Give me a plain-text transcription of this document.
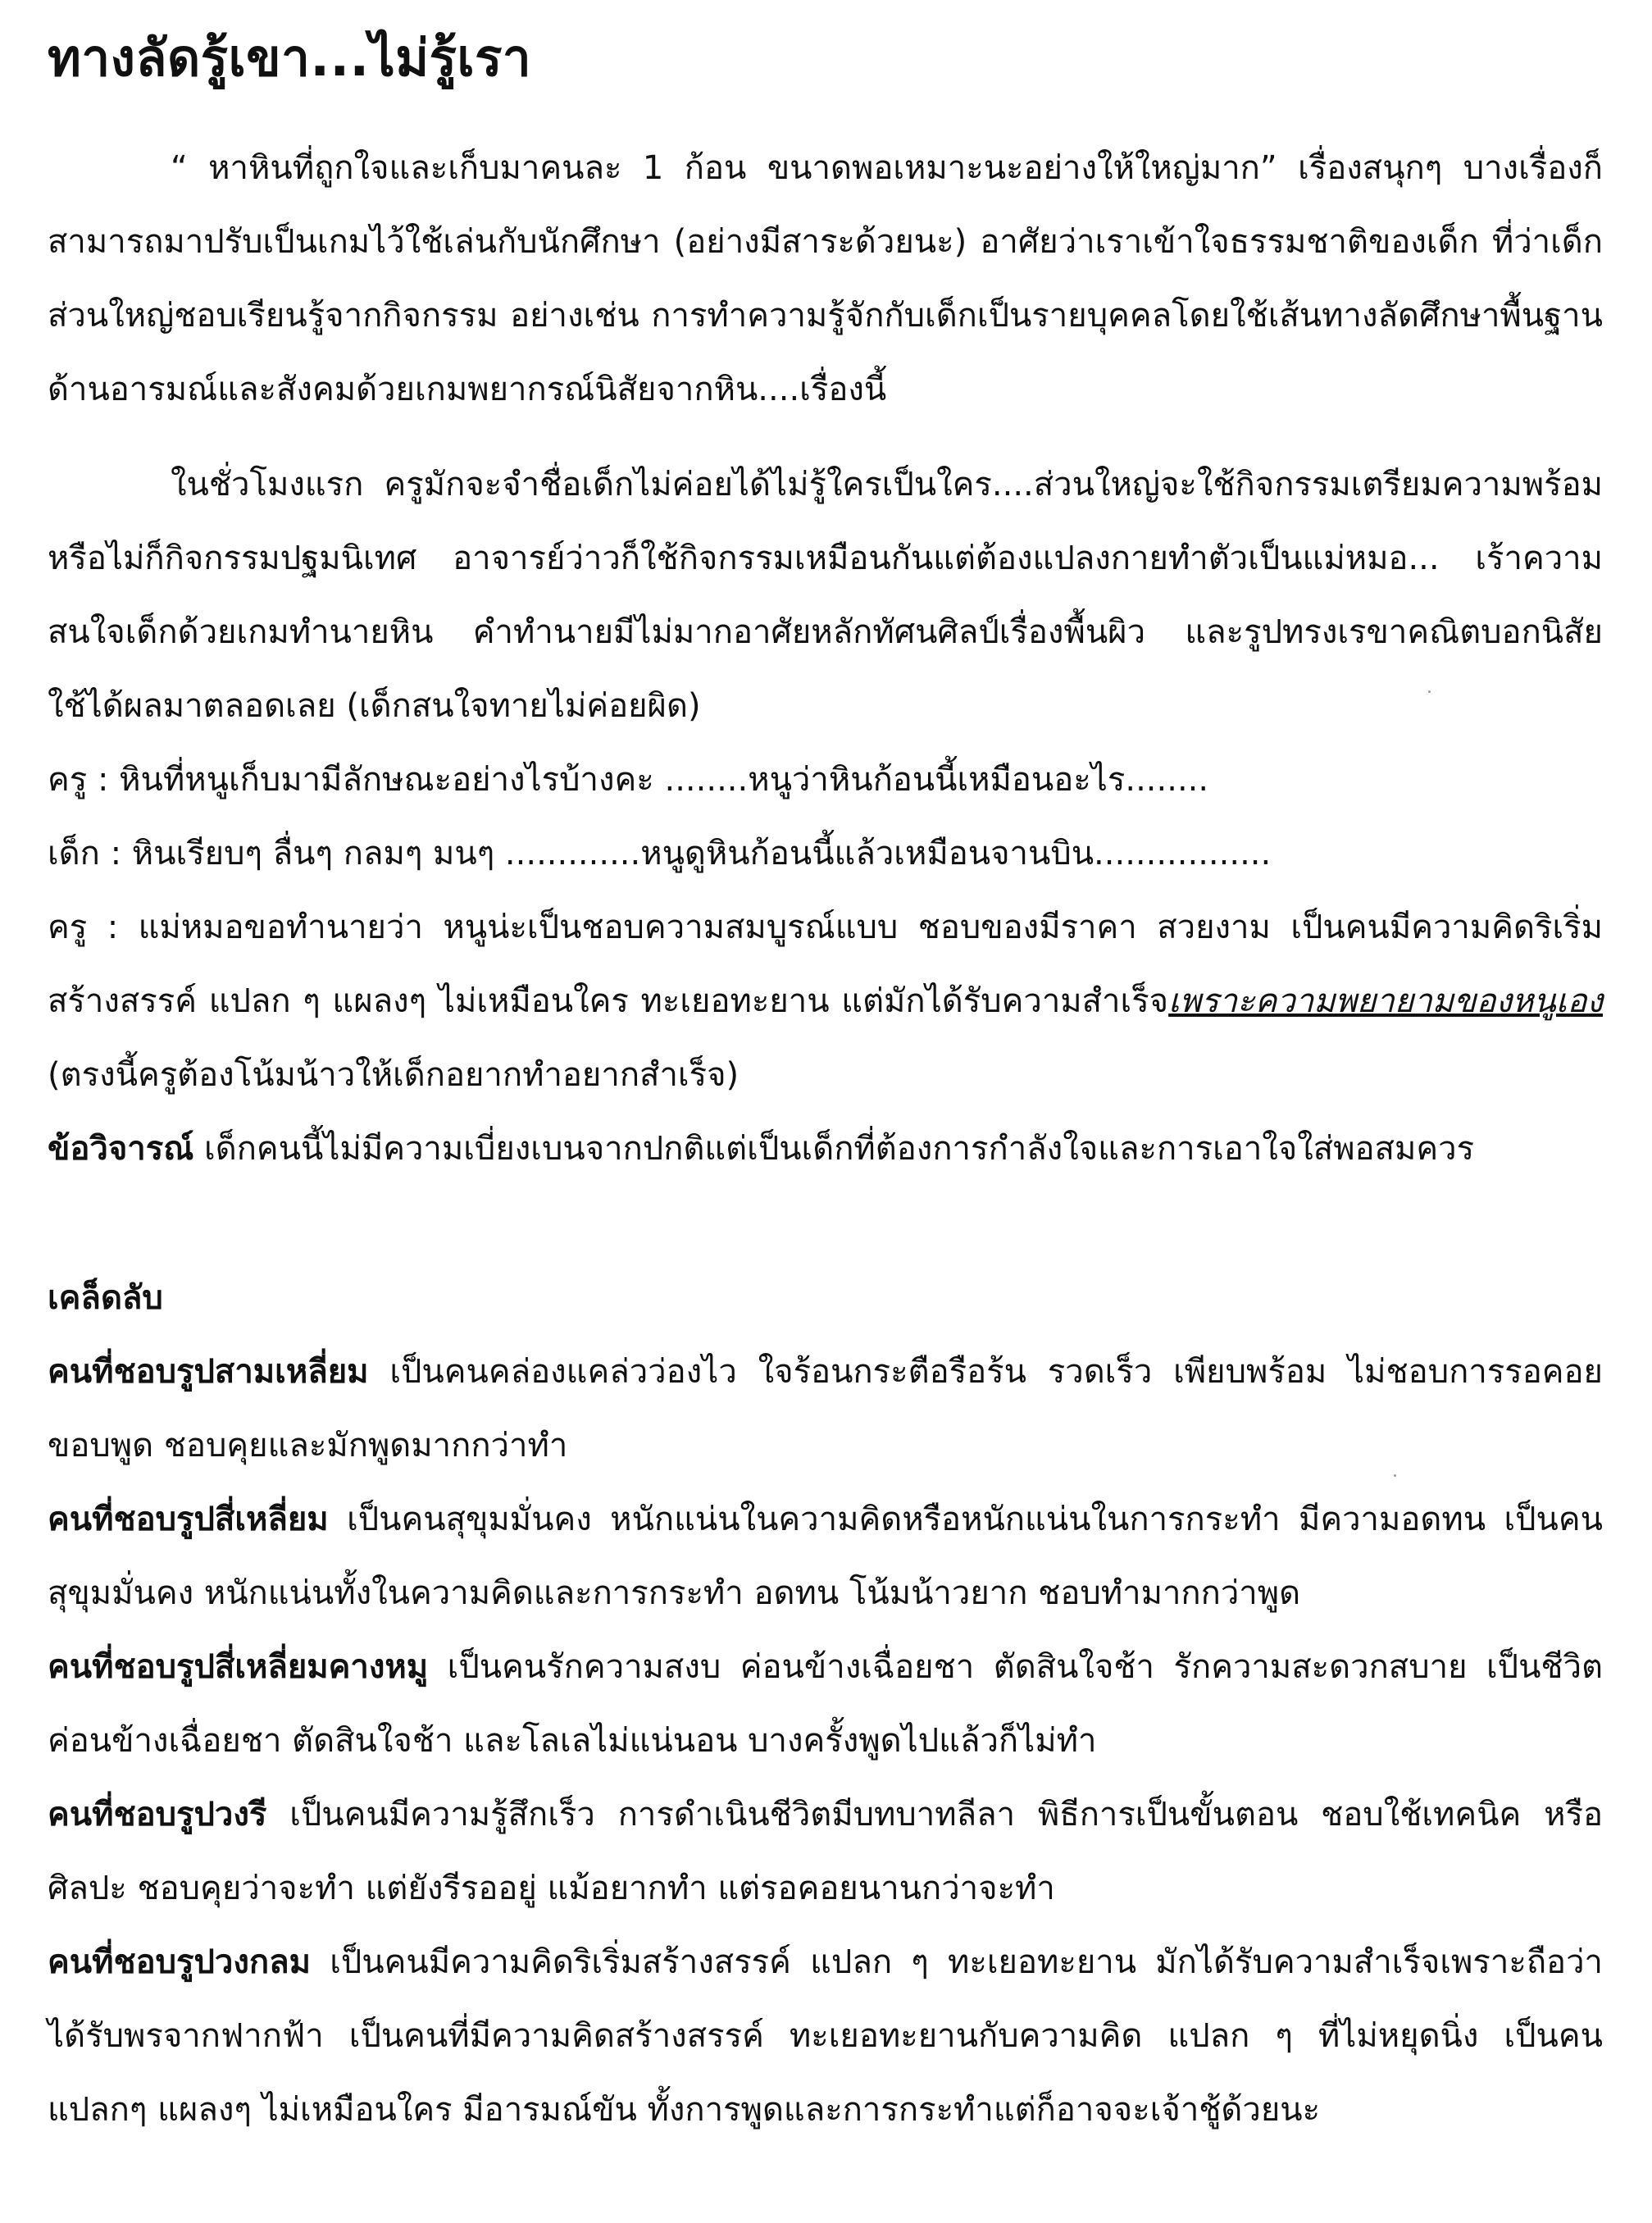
ทางลัดรู้เขา...ไม่รู้เรา

“ หาหินที่ถูกใจและเก็บมาคนละ 1 ก้อน ขนาดพอเหมาะนะอย่างให้ใหญ่มาก” เรื่องสนุกๆ บางเรื่องก็สามารถมาปรับเป็นเกมไว้ใช้เล่นกับนักศึกษา (อย่างมีสาระด้วยนะ) อาศัยว่าเราเข้าใจธรรมชาติของเด็ก ที่ว่าเด็กส่วนใหญ่ชอบเรียนรู้จากกิจกรรม อย่างเช่น การทำความรู้จักกับเด็กเป็นรายบุคคลโดยใช้เส้นทางลัดศึกษาพื้นฐานด้านอารมณ์และสังคมด้วยเกมพยากรณ์นิสัยจากหิน....เรื่องนี้

ในชั่วโมงแรก ครูมักจะจำชื่อเด็กไม่ค่อยได้ไม่รู้ใครเป็นใคร....ส่วนใหญ่จะใช้กิจกรรมเตรียมความพร้อมหรือไม่ก็กิจกรรมปฐมนิเทศ อาจารย์ว่าวก็ใช้กิจกรรมเหมือนกันแต่ต้องแปลงกายทำตัวเป็นแม่หมอ... เร้าความสนใจเด็กด้วยเกมทำนายหิน คำทำนายมีไม่มากอาศัยหลักทัศนศิลป์เรื่องพื้นผิว และรูปทรงเรขาคณิตบอกนิสัย ใช้ได้ผลมาตลอดเลย (เด็กสนใจทายไม่ค่อยผิด)

ครู : หินที่หนูเก็บมามีลักษณะอย่างไรบ้างคะ ........หนูว่าหินก้อนนี้เหมือนอะไร........

เด็ก : หินเรียบๆ ลื่นๆ กลมๆ มนๆ .............หนูดูหินก้อนนี้แล้วเหมือนจานบิน.................

ครู : แม่หมอขอทำนายว่า หนูน่ะเป็นชอบความสมบูรณ์แบบ ชอบของมีราคา สวยงาม เป็นคนมีความคิดริเริ่มสร้างสรรค์ แปลก ๆ แผลงๆ ไม่เหมือนใคร ทะเยอทะยาน แต่มักได้รับความสำเร็จเพราะความพยายามของหนูเอง (ตรงนี้ครูต้องโน้มน้าวให้เด็กอยากทำอยากสำเร็จ)

ข้อวิจารณ์ เด็กคนนี้ไม่มีความเบี่ยงเบนจากปกติแต่เป็นเด็กที่ต้องการกำลังใจและการเอาใจใส่พอสมควร

เคล็ดลับ

คนที่ชอบรูปสามเหลี่ยม เป็นคนคล่องแคล่วว่องไว ใจร้อนกระตือรือร้น รวดเร็ว เพียบพร้อม ไม่ชอบการรอคอย ขอบพูด ชอบคุยและมักพูดมากกว่าทำ

คนที่ชอบรูปสี่เหลี่ยม เป็นคนสุขุมมั่นคง หนักแน่นในความคิดหรือหนักแน่นในการกระทำ มีความอดทน เป็นคนสุขุมมั่นคง หนักแน่นทั้งในความคิดและการกระทำ อดทน โน้มน้าวยาก ชอบทำมากกว่าพูด

คนที่ชอบรูปสี่เหลี่ยมคางหมู เป็นคนรักความสงบ ค่อนข้างเฉื่อยชา ตัดสินใจช้า รักความสะดวกสบาย เป็นชีวิต ค่อนข้างเฉื่อยชา ตัดสินใจช้า และโลเลไม่แน่นอน บางครั้งพูดไปแล้วก็ไม่ทำ

คนที่ชอบรูปวงรี เป็นคนมีความรู้สึกเร็ว การดำเนินชีวิตมีบทบาทลีลา พิธีการเป็นขั้นตอน ชอบใช้เทคนิค หรือศิลปะ ชอบคุยว่าจะทำ แต่ยังรีรออยู่ แม้อยากทำ แต่รอคอยนานกว่าจะทำ

คนที่ชอบรูปวงกลม เป็นคนมีความคิดริเริ่มสร้างสรรค์ แปลก ๆ ทะเยอทะยาน มักได้รับความสำเร็จเพราะถือว่า ได้รับพรจากฟากฟ้า เป็นคนที่มีความคิดสร้างสรรค์ ทะเยอทะยานกับความคิด แปลก ๆ ที่ไม่หยุดนิ่ง เป็นคนแปลกๆ แผลงๆ ไม่เหมือนใคร มีอารมณ์ขัน ทั้งการพูดและการกระทำแต่ก็อาจจะเจ้าชู้ด้วยนะ
